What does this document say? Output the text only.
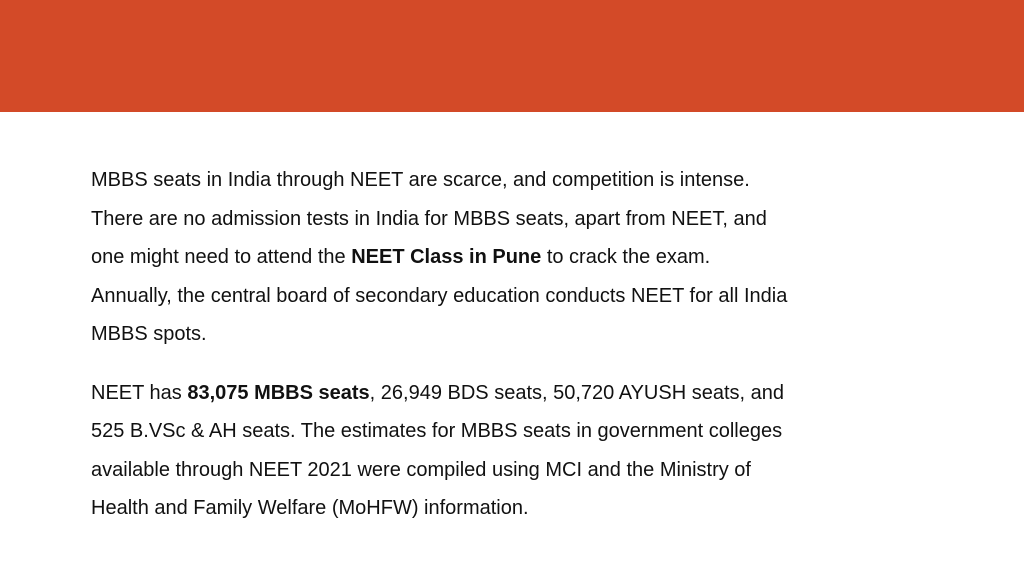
MBBS seats in India through NEET are scarce, and competition is intense.
There are no admission tests in India for MBBS seats, apart from NEET, and
one might need to attend the NEET Class in Pune to crack the exam.
Annually, the central board of secondary education conducts NEET for all India
MBBS spots.

NEET has 83,075 MBBS seats, 26,949 BDS seats, 50,720 AYUSH seats, and
525 B.VSc & AH seats. The estimates for MBBS seats in government colleges
available through NEET 2021 were compiled using MCI and the Ministry of
Health and Family Welfare (MoHFW) information.
